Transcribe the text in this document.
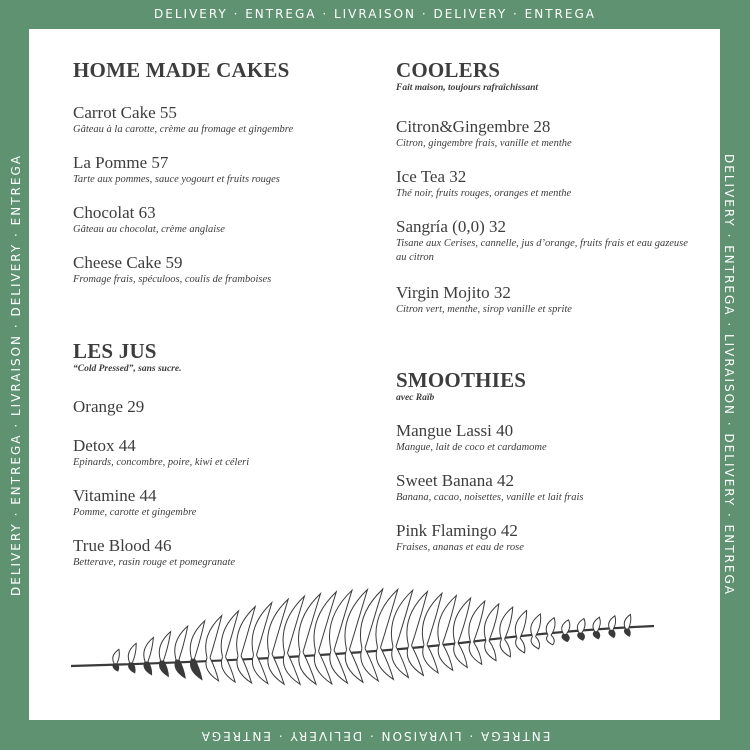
DELIVERY · ENTREGA · LIVRAISON · DELIVERY · ENTREGA
ENTREGA · LIVRAISON · DELIVERY · ENTREGA
DELIVERY · ENTREGA · LIVRAISON · DELIVERY · ENTREGA	DELIVERY · ENTREGA · LIVRAISON · DELIVERY · ENTREGA
HOME MADE CAKES
Carrot Cake 55
Gâteau à la carotte, crème au fromage et gingembre
La Pomme 57
Tarte aux pommes, sauce yogourt et fruits rouges
Chocolat 63
Gâteau au chocolat, crème anglaise
Cheese Cake 59
Fromage frais, spéculoos, coulis de framboises
LES JUS
“Cold Pressed”, sans sucre.
Orange 29
Detox 44
Epinards, concombre, poire, kiwi et céleri
Vitamine 44
Pomme, carotte et gingembre
True Blood 46
Betterave, rasin rouge et pomegranate
COOLERS
Fait maison, toujours rafraîchissant
Citron&Gingembre 28
Citron, gingembre frais, vanille et menthe
Ice Tea 32
Thé noir, fruits rouges, oranges et menthe
Sangría (0,0) 32
Tisane aux Cerises, cannelle, jus d’orange, fruits frais et eau gazeuse au citron
Virgin Mojito 32
Citron vert, menthe, sirop vanille et sprite
SMOOTHIES
avec Raïb
Mangue Lassi 40
Mangue, lait de coco et cardamome
Sweet Banana 42
Banana, cacao, noisettes, vanille et lait frais
Pink Flamingo 42
Fraises, ananas et eau de rose
